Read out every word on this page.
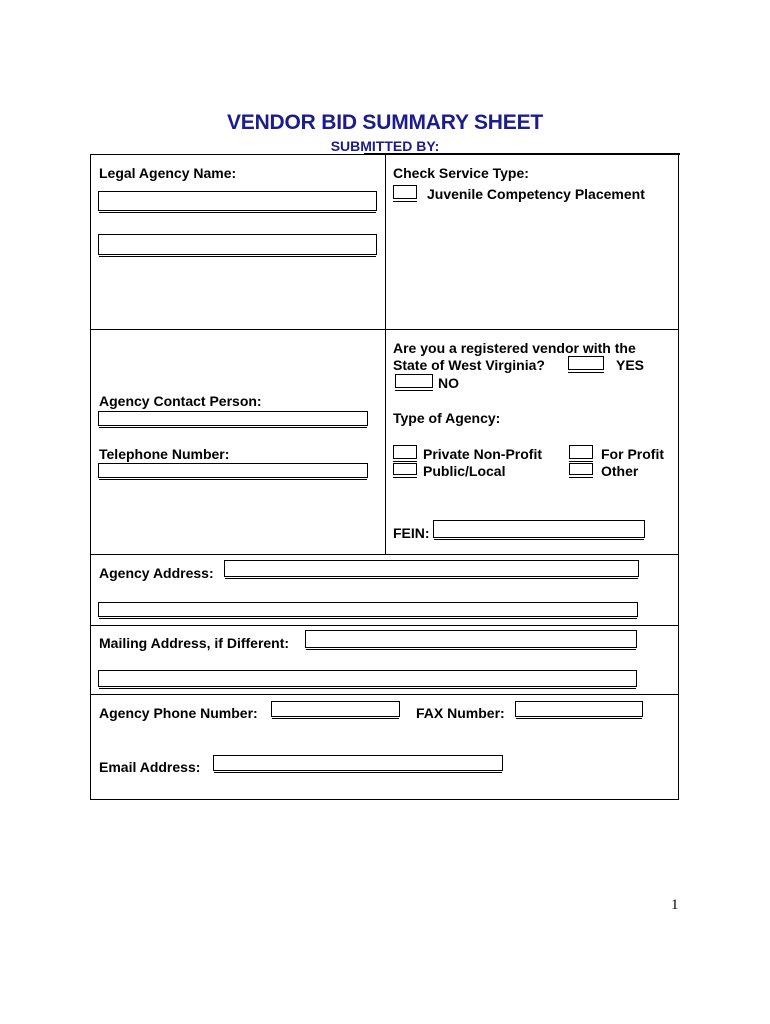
VENDOR BID SUMMARY SHEET
SUBMITTED BY:
Legal Agency Name:	Check Service Type:
Juvenile Competency Placement
Agency Contact Person:
Telephone Number:
Are you a registered vendor with the
State of West Virginia?	YES
NO
Type of Agency:
Private Non-Profit	For Profit
Public/Local	Other
FEIN:
Agency Address:
Mailing Address, if Different:
Agency Phone Number:	FAX Number:
Email Address:
1
